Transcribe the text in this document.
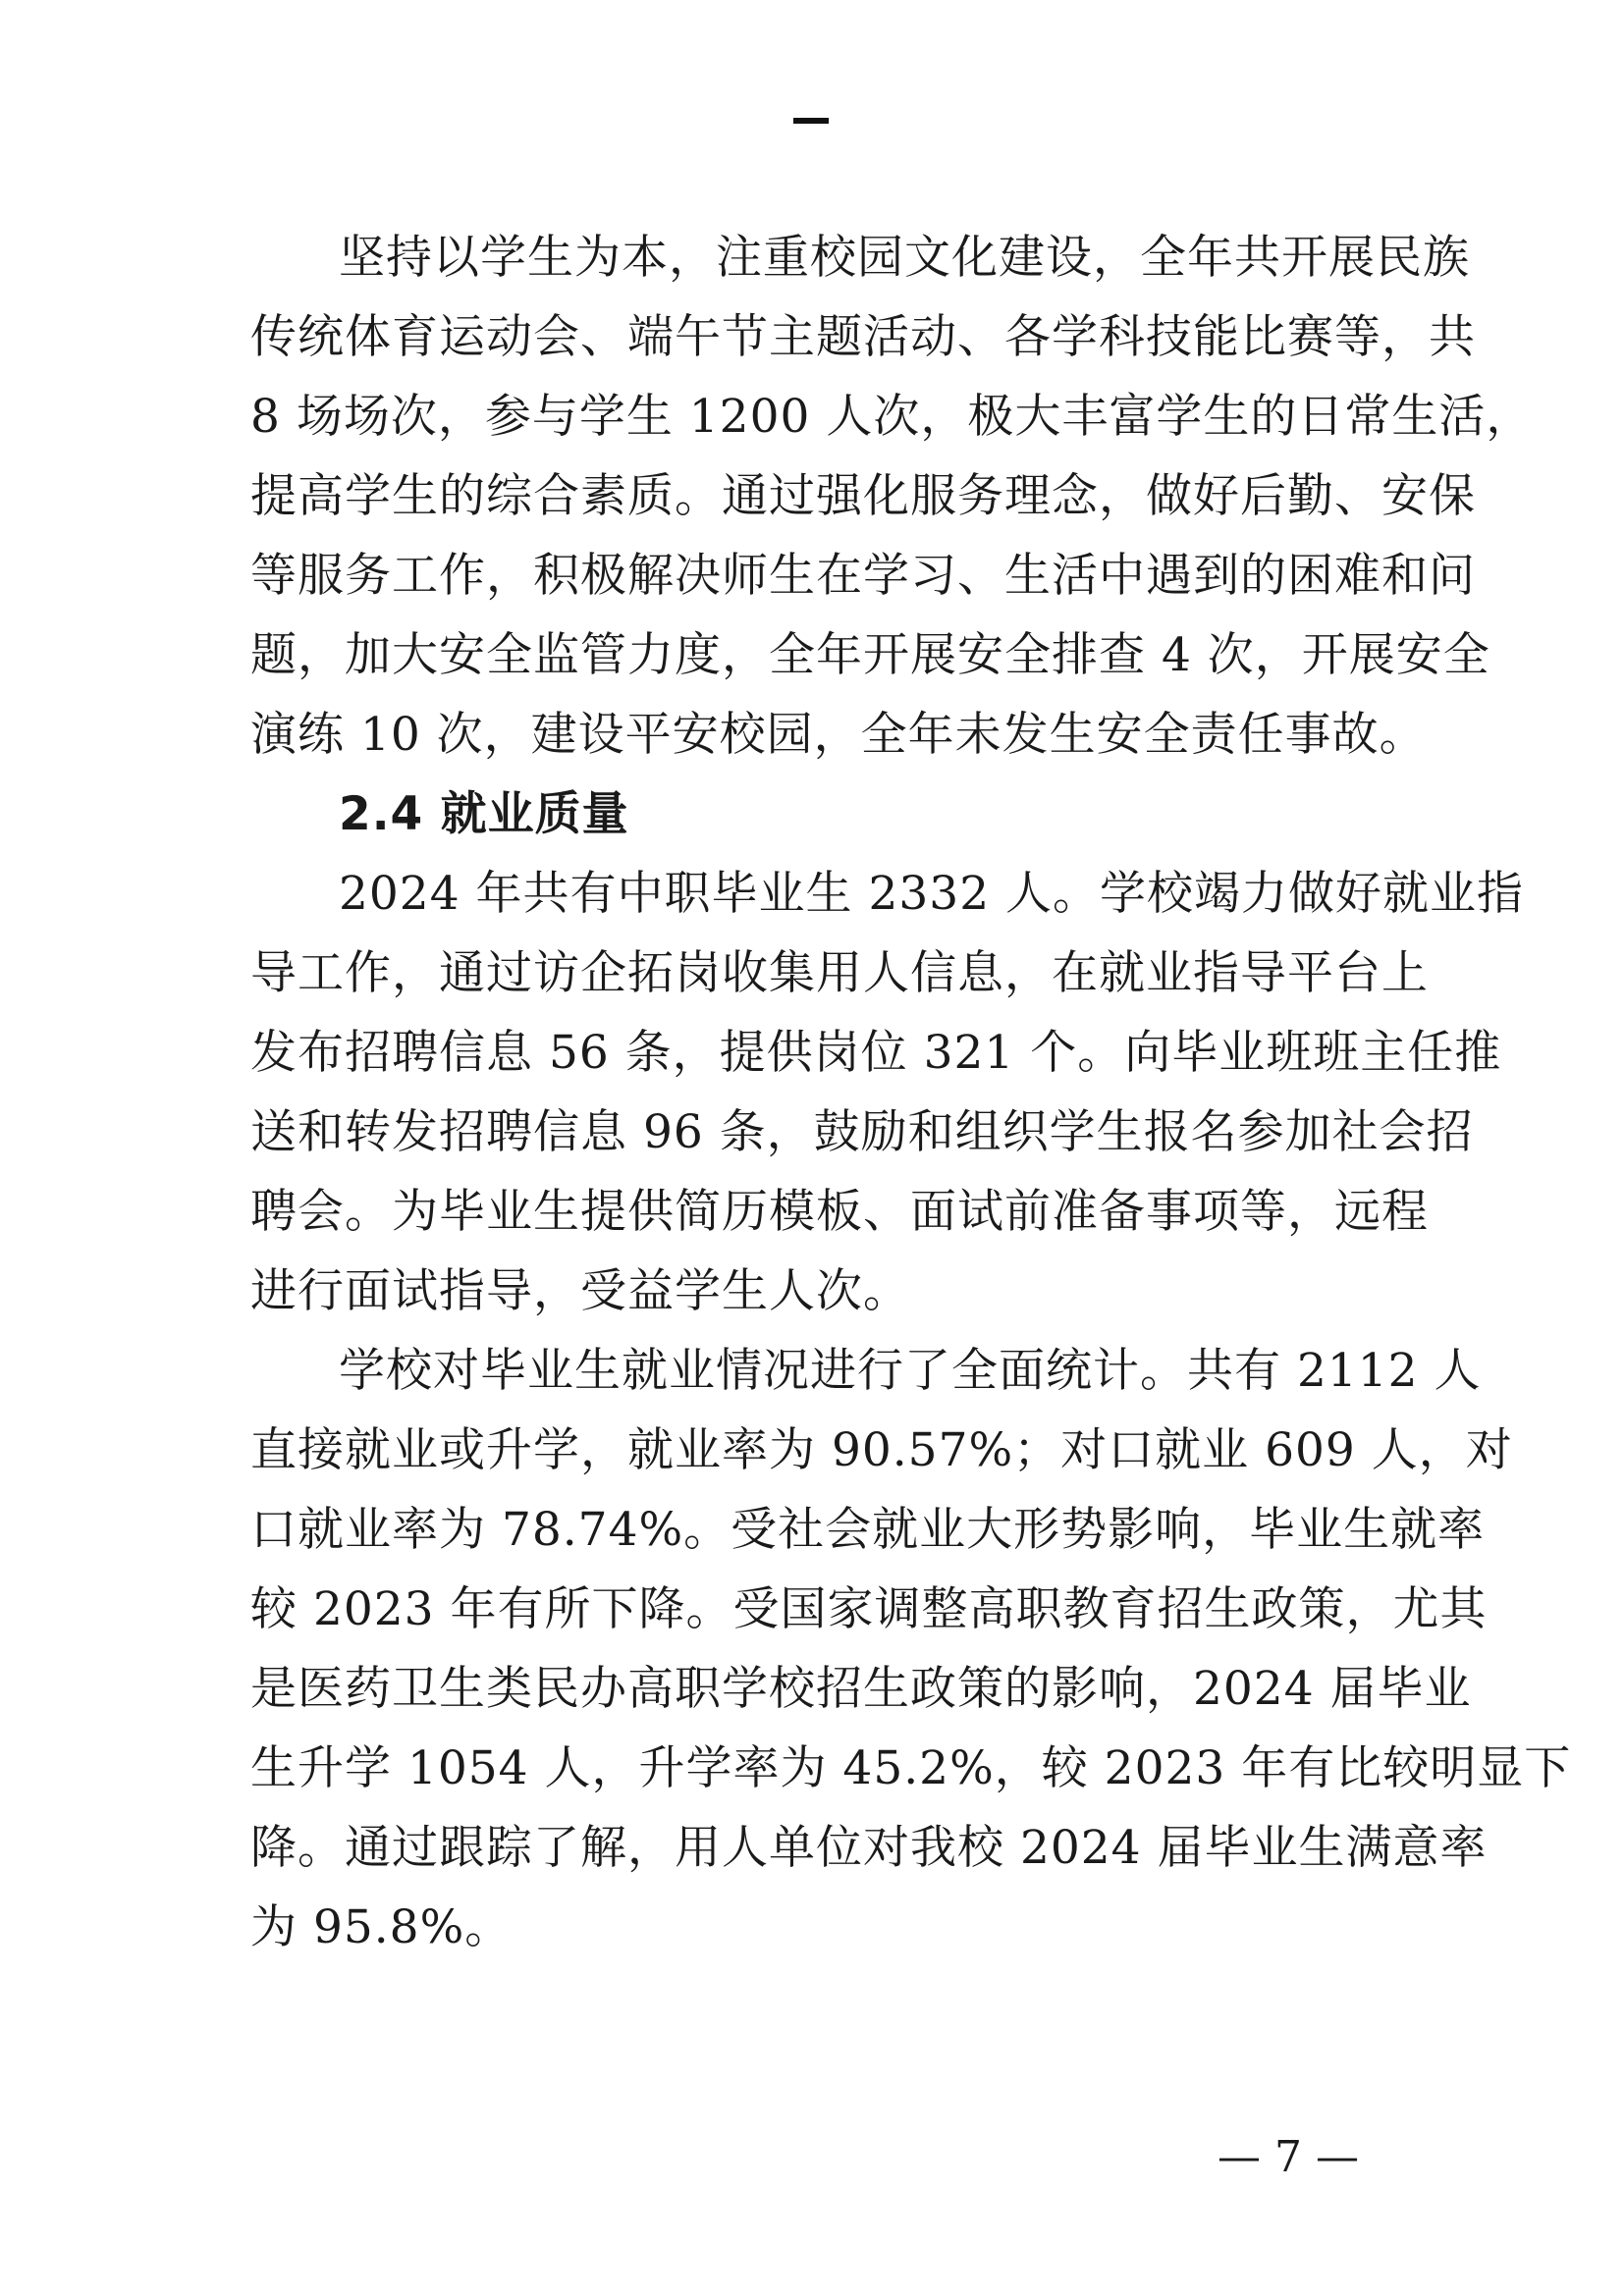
坚持以学生为本，注重校园文化建设，全年共开展民族
传统体育运动会、端午节主题活动、各学科技能比赛等，共
8 场场次，参与学生 1200 人次，极大丰富学生的日常生活，
提高学生的综合素质。通过强化服务理念，做好后勤、安保
等服务工作，积极解决师生在学习、生活中遇到的困难和问
题，加大安全监管力度，全年开展安全排查 4 次，开展安全
演练 10 次，建设平安校园，全年未发生安全责任事故。
2.4 就业质量
2024 年共有中职毕业生 2332 人。学校竭力做好就业指
导工作，通过访企拓岗收集用人信息，在就业指导平台上
发布招聘信息 56 条，提供岗位 321 个。向毕业班班主任推
送和转发招聘信息 96 条，鼓励和组织学生报名参加社会招
聘会。为毕业生提供简历模板、面试前准备事项等，远程
进行面试指导，受益学生人次。
学校对毕业生就业情况进行了全面统计。共有 2112 人
直接就业或升学，就业率为 90.57%；对口就业 609 人，对
口就业率为 78.74%。受社会就业大形势影响，毕业生就率
较 2023 年有所下降。受国家调整高职教育招生政策，尤其
是医药卫生类民办高职学校招生政策的影响，2024 届毕业
生升学 1054 人，升学率为 45.2%，较 2023 年有比较明显下
降。通过跟踪了解，用人单位对我校 2024 届毕业生满意率
为 95.8%。
— 7 —
